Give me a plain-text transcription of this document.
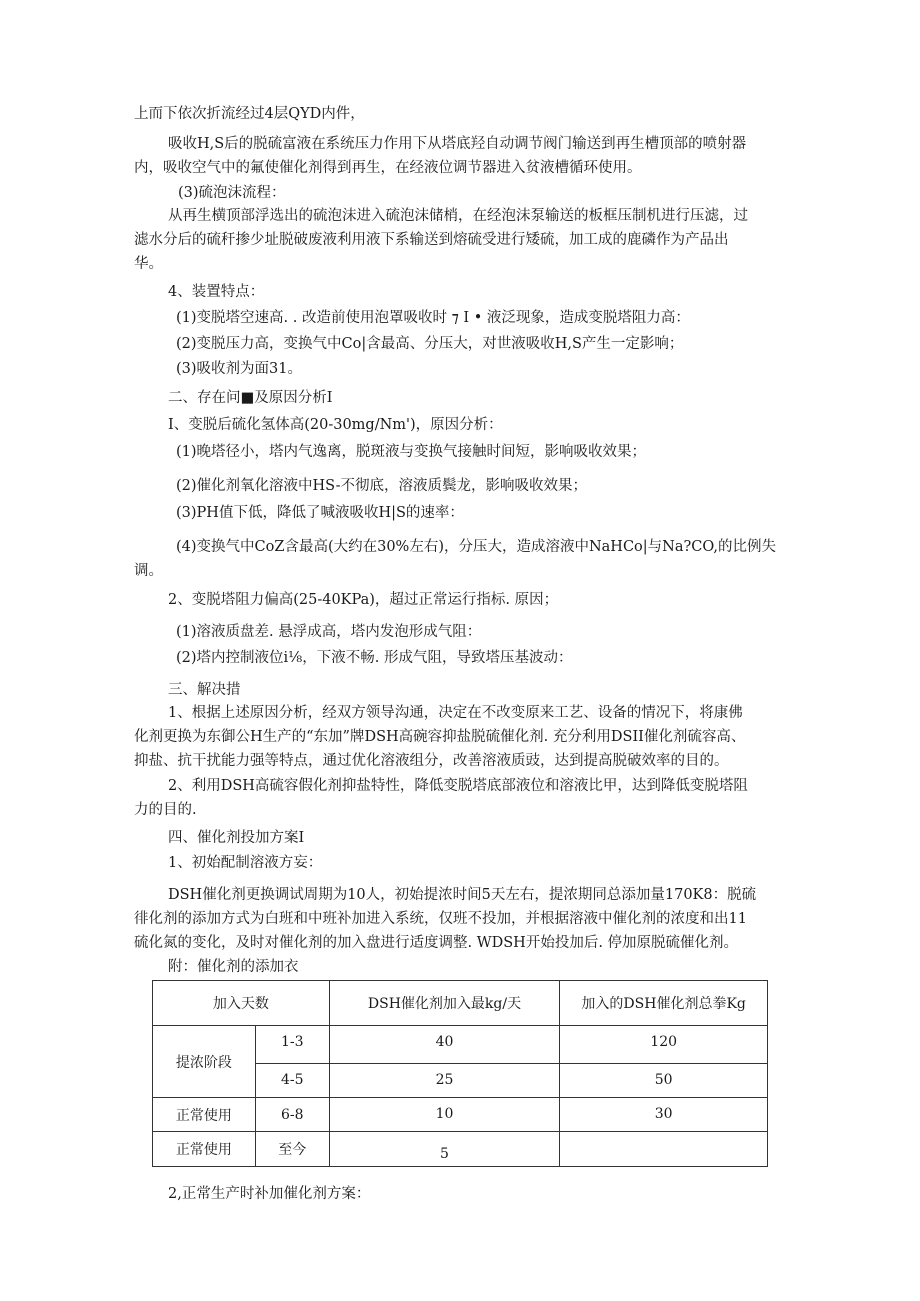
上而下依次折流经过4层QYD内件，
吸收H,S后的脱硫富液在系统压力作用下从塔底羟自动调节阀门输送到再生槽顶部的喷射器
内，吸收空气中的氟使催化剂得到再生，在经液位调节器进入贫液槽循环使用。
(3)硫泡沫流程：
从再生横顶部浮选出的硫泡沫进入硫泡沫储梢，在经泡沫泵输送的板框压制机进行压滤，过
滤水分后的硫秆掺少址脱破废液利用液下系输送到熔硫受进行矮硫，加工成的鹿磷作为产品出
华。
4、装置特点：
(1)变脱塔空速高. . 改造前使用泡罩吸收时 ⁊ I • 液泛现象，造成变脱塔阻力高：
(2)变脱压力高，变换气中Co|含最高、分压大，对世液吸收H,S产生一定影响；
(3)吸收剂为面31。
二、存在问■及原因分析I
I、变脱后硫化氢体高(20-30mg/Nm')，原因分析：
(1)晚塔径小，塔内气逸离，脱斑液与变换气接触时间短，影响吸收效果；
(2)催化剂氧化溶液中HS-不彻底，溶液质鬓龙，影响吸收效果；
(3)PH值下低，降低了喊液吸收H|S的速率：
(4)变换气中CoZ含最高(大约在30%左右)，分压大，造成溶液中NaHCo|与Na?CO,的比例失
调。
2、变脱塔阻力偏高(25-40KPa)，超过正常运行指标. 原因；
(1)溶液质盘差. 悬浮成高，塔内发泡形成气阻：
(2)塔内控制液位i⅛，下液不畅. 形成气阻，导致塔压基波动：
三、解决措
1、根据上述原因分析，经双方领导沟通，决定在不改变原来工艺、设备的情况下，将康佛
化剂更换为东御公H生产的“东加”牌DSH高碗容抑盐脱硫催化剂. 充分利用DSII催化剂硫容高、
抑盐、抗干扰能力强等特点，通过优化溶液组分，改善溶液质豉，达到提高脱破效率的目的。
2、利用DSH高硫容假化剂抑盐特性，降低变脱塔底部液位和溶液比甲，达到降低变脱塔阻
力的目的.
四、催化剂投加方案I
1、初始配制溶液方妄：
DSH催化剂更换调试周期为10人，初始提浓时间5天左右，提浓期同总添加量170K8：脱硫
徘化剂的添加方式为白班和中班补加进入系统，仅班不投加，并根据溶液中催化剂的浓度和出11
硫化氮的变化，及时对催化剂的加入盘进行适度调整. WDSH开始投加后. 停加原脱硫催化剂。
附：催化剂的添加衣
加入天数		DSH催化剂加入最kg/天	加入的DSH催化剂总拳Kg
提浓阶段	1-3	40	120
	4-5	25	50
正常使用	6-8	10	30
正常使用	至今	5	
2,正常生产时补加催化剂方案：
